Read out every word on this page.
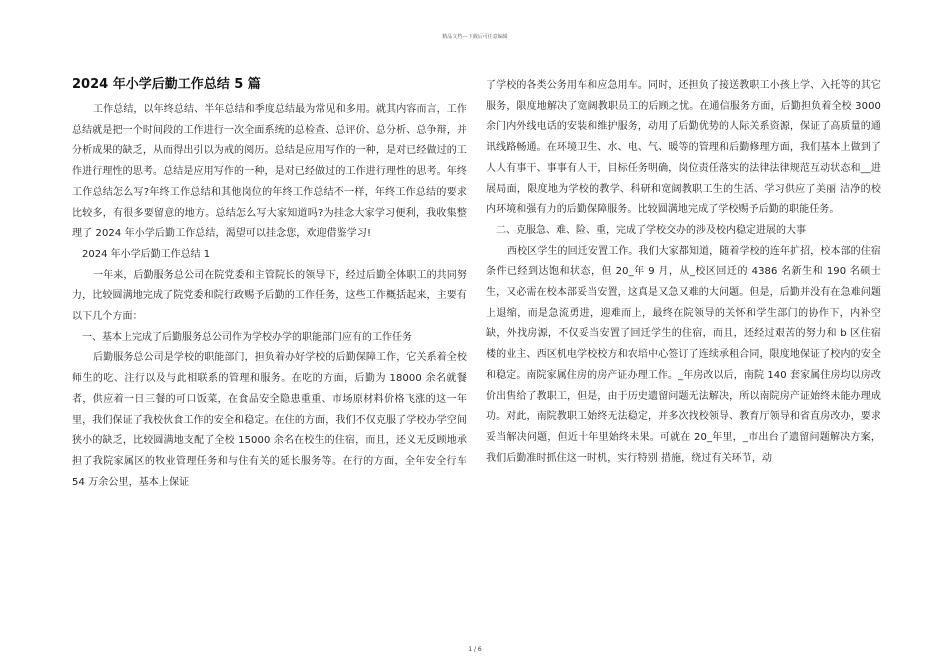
精品文档---下载后可任意编辑

2024 年小学后勤工作总结 5 篇

工作总结，以年终总结、半年总结和季度总结最为常见和多用。就其内容而言，工作总结就是把一个时间段的工作进行一次全面系统的总检查、总评价、总分析、总争辩，并分析成果的缺乏，从而得出引以为戒的阅历。总结是应用写作的一种，是对已经做过的工作进行理性的思考。总结是应用写作的一种，是对已经做过的工作进行理性的思考。年终工作总结怎么写?年终工作总结和其他岗位的年终工作总结不一样，年终工作总结的要求比较多，有很多要留意的地方。总结怎么写大家知道吗?为挂念大家学习便利，我收集整理了 2024 年小学后勤工作总结，渴望可以挂念您，欢迎借鉴学习!

2024 年小学后勤工作总结 1

一年来，后勤服务总公司在院党委和主管院长的领导下，经过后勤全体职工的共同努力，比较圆满地完成了院党委和院行政赐予后勤的工作任务，这些工作概括起来，主要有以下几个方面：

一、基本上完成了后勤服务总公司作为学校办学的职能部门应有的工作任务

后勤服务总公司是学校的职能部门，担负着办好学校的后勤保障工作，它关系着全校师生的吃、注行以及与此相联系的管理和服务。在吃的方面，后勤为 18000 余名就餐者，供应着一日三餐的可口饭菜，在食品安全隐患重重、市场原材料价格飞涨的这一年里，我们保证了我校伙食工作的安全和稳定。在住的方面，我们不仅克服了学校办学空间狭小的缺乏，比较圆满地支配了全校 15000 余名在校生的住宿，而且，还义无反顾地承担了我院家属区的牧业管理任务和与住有关的延长服务等。在行的方面，全年安全行车 54 万余公里，基本上保证

了学校的各类公务用车和应急用车。同时，还担负了接送教职工小孩上学、入托等的其它服务，限度地解决了宽阔教职员工的后顾之忧。在通信服务方面，后勤担负着全校 3000 余门内外线电话的安装和维护服务，动用了后勤优势的人际关系资源，保证了高质量的通讯线路畅通。在环境卫生、水、电、气、暖等的管理和后勤修理方面，我们基本上做到了人人有事干、事事有人干，目标任务明确，岗位责任落实的法律法律规范互动状态和__进展局面，限度地为学校的教学、科研和宽阔教职工生的生活、学习供应了美丽 洁净的校内环境和强有力的后勤保障服务。比较圆满地完成了学校赐予后勤的职能任务。

二、克服急、难、险、重，完成了学校交办的涉及校内稳定进展的大事

西校区学生的回迁安置工作。我们大家都知道，随着学校的连年扩招，校本部的住宿条件已经到达饱和状态，但 20_年 9 月，从_校区回迁的 4386 名新生和 190 名硕士生，又必需在校本部妥当安置，这真是又急又难的大问题。但是，后勤并没有在急难问题上退缩，而是急流勇进，迎难而上，最终在院领导的关怀和学生部门的协作下，内补空缺，外找房源，不仅妥当安置了回迁学生的住宿，而且，还经过艰苦的努力和 b 区住宿楼的业主、西区机电学校校方和农培中心签订了连续承租合同，限度地保证了校内的安全和稳定。南院家属住房的房产证办理工作。_年房改以后，南院 140 套家属住房均以房改价出售给了教职工，但是，由于历史遗留问题无法解决，所以南院房产证始终未能办理成功。对此，南院教职工始终无法稳定，并多次找校领导、教育厅领导和省直房改办，要求妥当解决问题，但近十年里始终未果。可就在 20_年里，_市出台了遗留问题解决方案，我们后勤准时抓住这一时机，实行特别 措施，绕过有关环节，动

1 / 6
